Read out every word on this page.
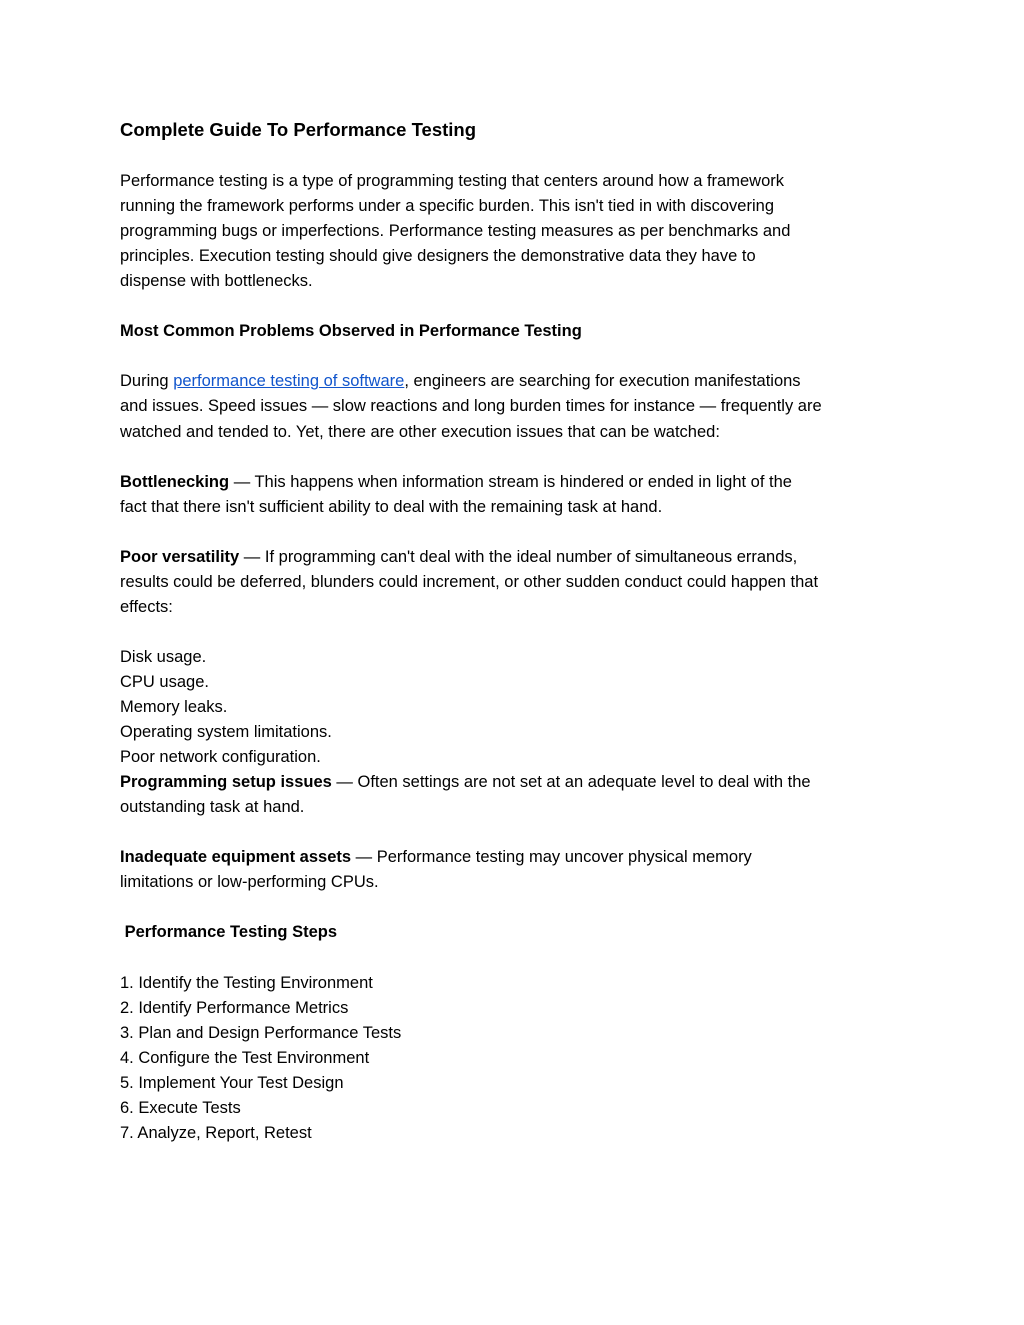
Complete Guide To Performance Testing
Performance testing is a type of programming testing that centers around how a framework
running the framework performs under a specific burden. This isn't tied in with discovering
programming bugs or imperfections. Performance testing measures as per benchmarks and
principles. Execution testing should give designers the demonstrative data they have to
dispense with bottlenecks.
Most Common Problems Observed in Performance Testing
During performance testing of software, engineers are searching for execution manifestations
and issues. Speed issues — slow reactions and long burden times for instance — frequently are
watched and tended to. Yet, there are other execution issues that can be watched:
Bottlenecking — This happens when information stream is hindered or ended in light of the
fact that there isn't sufficient ability to deal with the remaining task at hand.
Poor versatility — If programming can't deal with the ideal number of simultaneous errands,
results could be deferred, blunders could increment, or other sudden conduct could happen that
effects:
Disk usage.
CPU usage.
Memory leaks.
Operating system limitations.
Poor network configuration.
Programming setup issues — Often settings are not set at an adequate level to deal with the
outstanding task at hand.
Inadequate equipment assets — Performance testing may uncover physical memory
limitations or low-performing CPUs.
Performance Testing Steps
1. Identify the Testing Environment
2. Identify Performance Metrics
3. Plan and Design Performance Tests
4. Configure the Test Environment
5. Implement Your Test Design
6. Execute Tests
7. Analyze, Report, Retest
